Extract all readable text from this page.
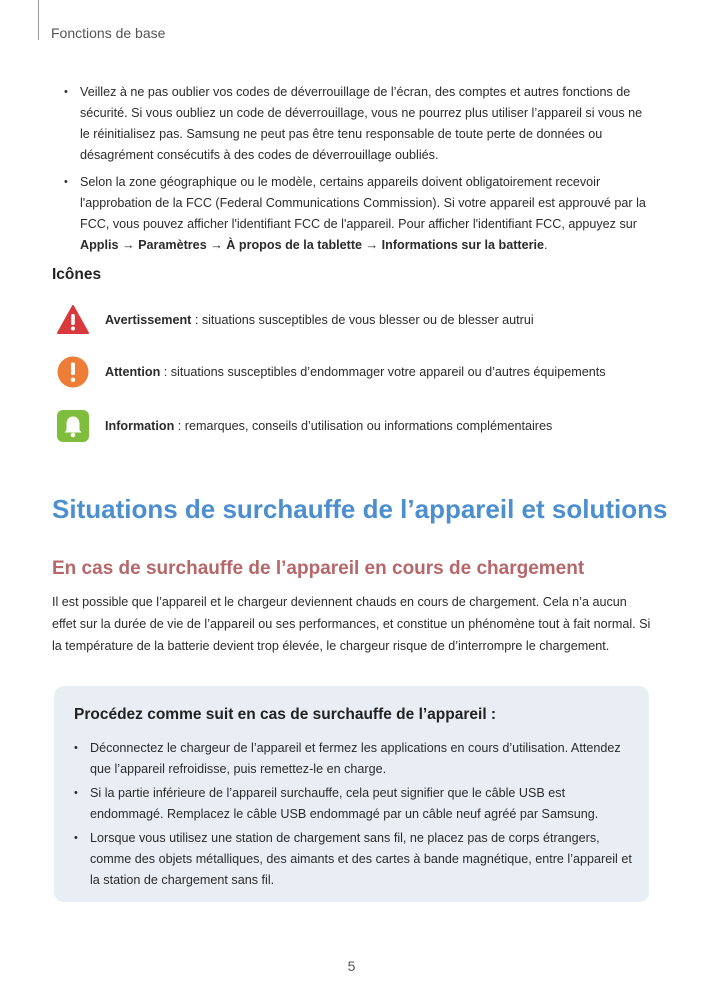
Fonctions de base
• Veillez à ne pas oublier vos codes de déverrouillage de l’écran, des comptes et autres fonctions de sécurité. Si vous oubliez un code de déverrouillage, vous ne pourrez plus utiliser l’appareil si vous ne le réinitialisez pas. Samsung ne peut pas être tenu responsable de toute perte de données ou désagrément consécutifs à des codes de déverrouillage oubliés.
• Selon la zone géographique ou le modèle, certains appareils doivent obligatoirement recevoir l'approbation de la FCC (Federal Communications Commission). Si votre appareil est approuvé par la FCC, vous pouvez afficher l'identifiant FCC de l'appareil. Pour afficher l'identifiant FCC, appuyez sur Applis → Paramètres → À propos de la tablette → Informations sur la batterie.
Icônes
Avertissement : situations susceptibles de vous blesser ou de blesser autrui
Attention : situations susceptibles d’endommager votre appareil ou d’autres équipements
Information : remarques, conseils d’utilisation ou informations complémentaires
Situations de surchauffe de l’appareil et solutions
En cas de surchauffe de l’appareil en cours de chargement

Il est possible que l’appareil et le chargeur deviennent chauds en cours de chargement. Cela n’a aucun effet sur la durée de vie de l’appareil ou ses performances, et constitue un phénomène tout à fait normal. Si la température de la batterie devient trop élevée, le chargeur risque de d’interrompre le chargement.

Procédez comme suit en cas de surchauffe de l’appareil :
• Déconnectez le chargeur de l’appareil et fermez les applications en cours d’utilisation. Attendez que l’appareil refroidisse, puis remettez-le en charge.
• Si la partie inférieure de l’appareil surchauffe, cela peut signifier que le câble USB est endommagé. Remplacez le câble USB endommagé par un câble neuf agréé par Samsung.
• Lorsque vous utilisez une station de chargement sans fil, ne placez pas de corps étrangers, comme des objets métalliques, des aimants et des cartes à bande magnétique, entre l’appareil et la station de chargement sans fil.
5
